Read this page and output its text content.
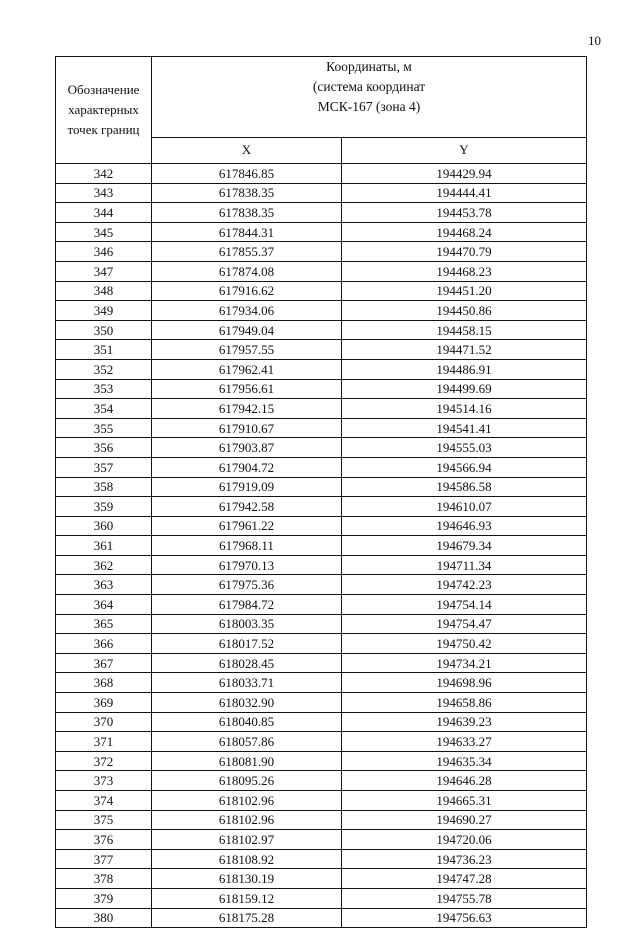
10
Обозначение
характерных
точек границ	Координаты, м
(система координат
МСК-167 (зона 4)	

	X	Y
342	617846.85	194429.94
343	617838.35	194444.41
344	617838.35	194453.78
345	617844.31	194468.24
346	617855.37	194470.79
347	617874.08	194468.23
348	617916.62	194451.20
349	617934.06	194450.86
350	617949.04	194458.15
351	617957.55	194471.52
352	617962.41	194486.91
353	617956.61	194499.69
354	617942.15	194514.16
355	617910.67	194541.41
356	617903.87	194555.03
357	617904.72	194566.94
358	617919.09	194586.58
359	617942.58	194610.07
360	617961.22	194646.93
361	617968.11	194679.34
362	617970.13	194711.34
363	617975.36	194742.23
364	617984.72	194754.14
365	618003.35	194754.47
366	618017.52	194750.42
367	618028.45	194734.21
368	618033.71	194698.96
369	618032.90	194658.86
370	618040.85	194639.23
371	618057.86	194633.27
372	618081.90	194635.34
373	618095.26	194646.28
374	618102.96	194665.31
375	618102.96	194690.27
376	618102.97	194720.06
377	618108.92	194736.23
378	618130.19	194747.28
379	618159.12	194755.78
380	618175.28	194756.63
